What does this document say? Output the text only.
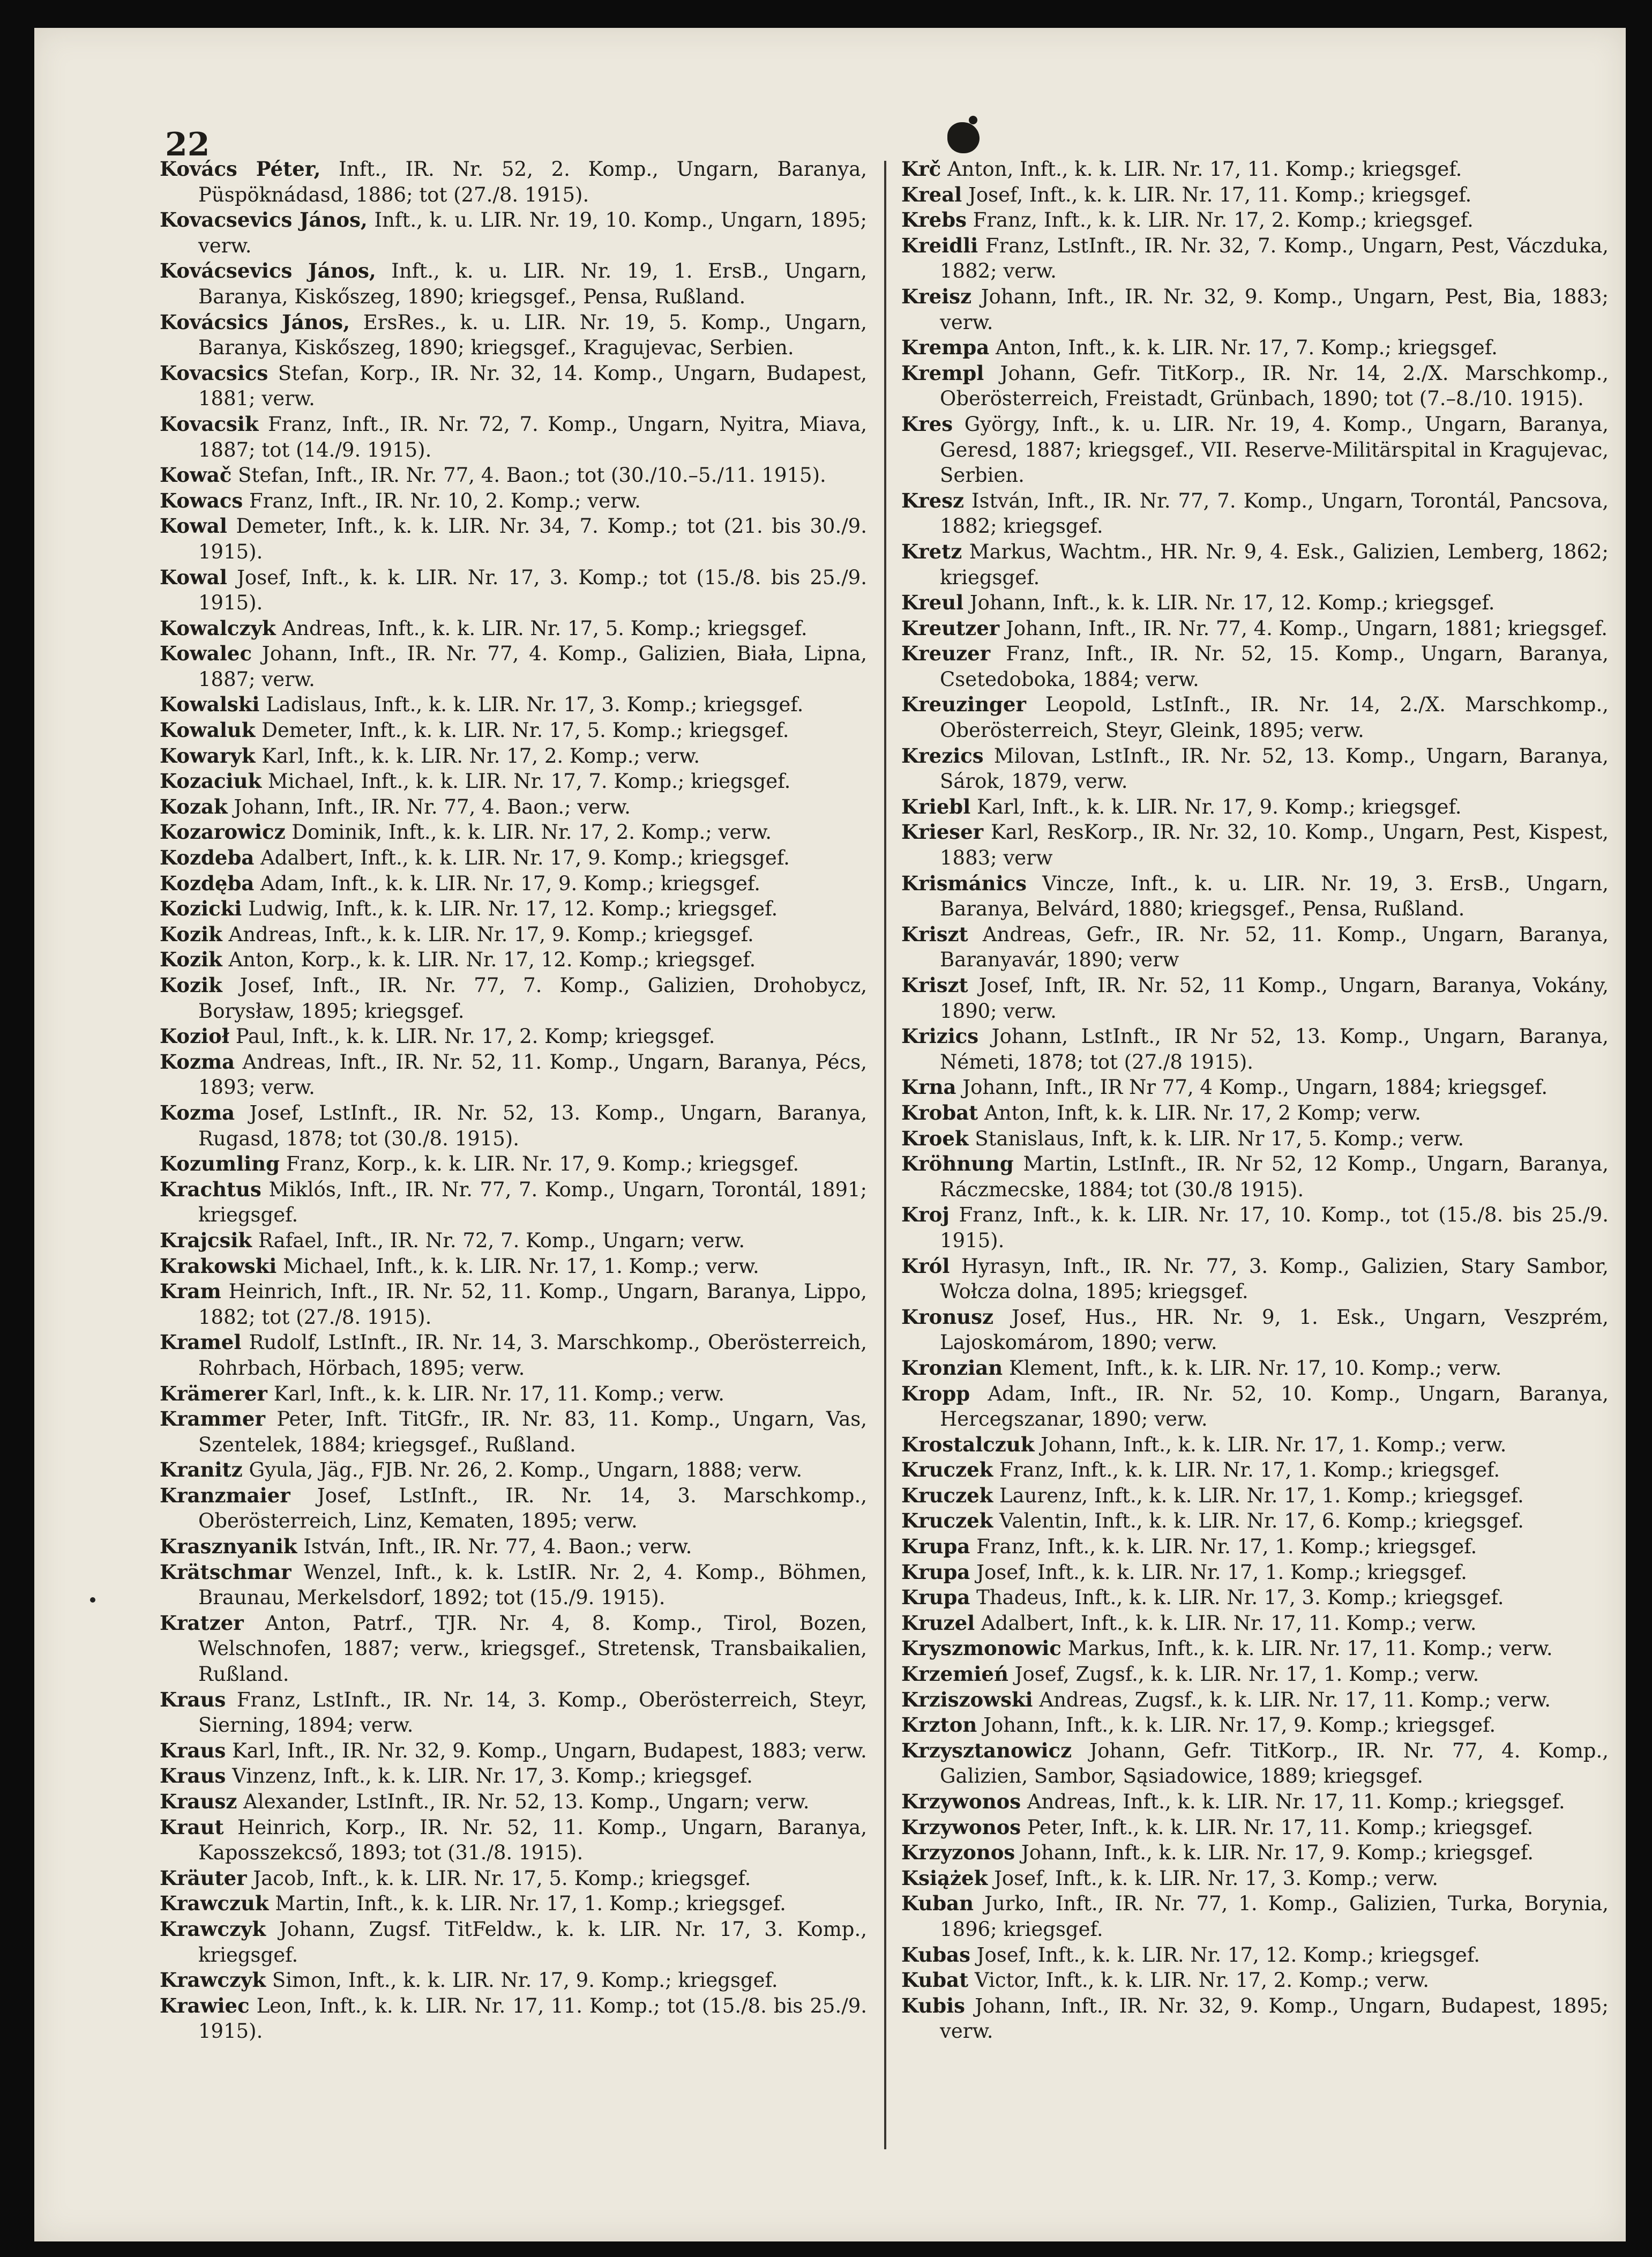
22

Kovács Péter, Inft., IR. Nr. 52, 2. Komp., Ungarn, Baranya, Püspöknádasd, 1886; tot (27./8. 1915).

Kovacsevics János, Inft., k. u. LIR. Nr. 19, 10. Komp., Ungarn, 1895; verw.

Kovácsevics János, Inft., k. u. LIR. Nr. 19, 1. ErsB., Ungarn, Baranya, Kiskőszeg, 1890; kriegsgef., Pensa, Rußland.

Kovácsics János, ErsRes., k. u. LIR. Nr. 19, 5. Komp., Ungarn, Baranya, Kiskőszeg, 1890; kriegsgef., Kragujevac, Serbien.

Kovacsics Stefan, Korp., IR. Nr. 32, 14. Komp., Ungarn, Budapest, 1881; verw.

Kovacsik Franz, Inft., IR. Nr. 72, 7. Komp., Ungarn, Nyitra, Miava, 1887; tot (14./9. 1915).

Kowač Stefan, Inft., IR. Nr. 77, 4. Baon.; tot (30./10.–5./11. 1915).

Kowacs Franz, Inft., IR. Nr. 10, 2. Komp.; verw.

Kowal Demeter, Inft., k. k. LIR. Nr. 34, 7. Komp.; tot (21. bis 30./9. 1915).

Kowal Josef, Inft., k. k. LIR. Nr. 17, 3. Komp.; tot (15./8. bis 25./9. 1915).

Kowalczyk Andreas, Inft., k. k. LIR. Nr. 17, 5. Komp.; kriegsgef.

Kowalec Johann, Inft., IR. Nr. 77, 4. Komp., Galizien, Biała, Lipna, 1887; verw.

Kowalski Ladislaus, Inft., k. k. LIR. Nr. 17, 3. Komp.; kriegsgef.

Kowaluk Demeter, Inft., k. k. LIR. Nr. 17, 5. Komp.; kriegsgef.

Kowaryk Karl, Inft., k. k. LIR. Nr. 17, 2. Komp.; verw.

Kozaciuk Michael, Inft., k. k. LIR. Nr. 17, 7. Komp.; kriegsgef.

Kozak Johann, Inft., IR. Nr. 77, 4. Baon.; verw.

Kozarowicz Dominik, Inft., k. k. LIR. Nr. 17, 2. Komp.; verw.

Kozdeba Adalbert, Inft., k. k. LIR. Nr. 17, 9. Komp.; kriegsgef.

Kozdęba Adam, Inft., k. k. LIR. Nr. 17, 9. Komp.; kriegsgef.

Kozicki Ludwig, Inft., k. k. LIR. Nr. 17, 12. Komp.; kriegsgef.

Kozik Andreas, Inft., k. k. LIR. Nr. 17, 9. Komp.; kriegsgef.

Kozik Anton, Korp., k. k. LIR. Nr. 17, 12. Komp.; kriegsgef.

Kozik Josef, Inft., IR. Nr. 77, 7. Komp., Galizien, Drohobycz, Borysław, 1895; kriegsgef.

Kozioł Paul, Inft., k. k. LIR. Nr. 17, 2. Komp; kriegsgef.

Kozma Andreas, Inft., IR. Nr. 52, 11. Komp., Ungarn, Baranya, Pécs, 1893; verw.

Kozma Josef, LstInft., IR. Nr. 52, 13. Komp., Ungarn, Baranya, Rugasd, 1878; tot (30./8. 1915).

Kozumling Franz, Korp., k. k. LIR. Nr. 17, 9. Komp.; kriegsgef.

Krachtus Miklós, Inft., IR. Nr. 77, 7. Komp., Ungarn, Torontál, 1891; kriegsgef.

Krajcsik Rafael, Inft., IR. Nr. 72, 7. Komp., Ungarn; verw.

Krakowski Michael, Inft., k. k. LIR. Nr. 17, 1. Komp.; verw.

Kram Heinrich, Inft., IR. Nr. 52, 11. Komp., Ungarn, Baranya, Lippo, 1882; tot (27./8. 1915).

Kramel Rudolf, LstInft., IR. Nr. 14, 3. Marschkomp., Oberösterreich, Rohrbach, Hörbach, 1895; verw.

Krämerer Karl, Inft., k. k. LIR. Nr. 17, 11. Komp.; verw.

Krammer Peter, Inft. TitGfr., IR. Nr. 83, 11. Komp., Ungarn, Vas, Szentelek, 1884; kriegsgef., Rußland.

Kranitz Gyula, Jäg., FJB. Nr. 26, 2. Komp., Ungarn, 1888; verw.

Kranzmaier Josef, LstInft., IR. Nr. 14, 3. Marschkomp., Oberösterreich, Linz, Kematen, 1895; verw.

Krasznyanik István, Inft., IR. Nr. 77, 4. Baon.; verw.

Krätschmar Wenzel, Inft., k. k. LstIR. Nr. 2, 4. Komp., Böhmen, Braunau, Merkelsdorf, 1892; tot (15./9. 1915).

Kratzer Anton, Patrf., TJR. Nr. 4, 8. Komp., Tirol, Bozen, Welschnofen, 1887; verw., kriegsgef., Stretensk, Transbaikalien, Rußland.

Kraus Franz, LstInft., IR. Nr. 14, 3. Komp., Oberösterreich, Steyr, Sierning, 1894; verw.

Kraus Karl, Inft., IR. Nr. 32, 9. Komp., Ungarn, Budapest, 1883; verw.

Kraus Vinzenz, Inft., k. k. LIR. Nr. 17, 3. Komp.; kriegsgef.

Krausz Alexander, LstInft., IR. Nr. 52, 13. Komp., Ungarn; verw.

Kraut Heinrich, Korp., IR. Nr. 52, 11. Komp., Ungarn, Baranya, Kaposszekcső, 1893; tot (31./8. 1915).

Kräuter Jacob, Inft., k. k. LIR. Nr. 17, 5. Komp.; kriegsgef.

Krawczuk Martin, Inft., k. k. LIR. Nr. 17, 1. Komp.; kriegsgef.

Krawczyk Johann, Zugsf. TitFeldw., k. k. LIR. Nr. 17, 3. Komp., kriegsgef.

Krawczyk Simon, Inft., k. k. LIR. Nr. 17, 9. Komp.; kriegsgef.

Krawiec Leon, Inft., k. k. LIR. Nr. 17, 11. Komp.; tot (15./8. bis 25./9. 1915).

Krč Anton, Inft., k. k. LIR. Nr. 17, 11. Komp.; kriegsgef.

Kreal Josef, Inft., k. k. LIR. Nr. 17, 11. Komp.; kriegsgef.

Krebs Franz, Inft., k. k. LIR. Nr. 17, 2. Komp.; kriegsgef.

Kreidli Franz, LstInft., IR. Nr. 32, 7. Komp., Ungarn, Pest, Váczduka, 1882; verw.

Kreisz Johann, Inft., IR. Nr. 32, 9. Komp., Ungarn, Pest, Bia, 1883; verw.

Krempa Anton, Inft., k. k. LIR. Nr. 17, 7. Komp.; kriegsgef.

Krempl Johann, Gefr. TitKorp., IR. Nr. 14, 2./X. Marschkomp., Oberösterreich, Freistadt, Grünbach, 1890; tot (7.–8./10. 1915).

Kres György, Inft., k. u. LIR. Nr. 19, 4. Komp., Ungarn, Baranya, Geresd, 1887; kriegsgef., VII. Reserve-Militärspital in Kragujevac, Serbien.

Kresz István, Inft., IR. Nr. 77, 7. Komp., Ungarn, Torontál, Pancsova, 1882; kriegsgef.

Kretz Markus, Wachtm., HR. Nr. 9, 4. Esk., Galizien, Lemberg, 1862; kriegsgef.

Kreul Johann, Inft., k. k. LIR. Nr. 17, 12. Komp.; kriegsgef.

Kreutzer Johann, Inft., IR. Nr. 77, 4. Komp., Ungarn, 1881; kriegsgef.

Kreuzer Franz, Inft., IR. Nr. 52, 15. Komp., Ungarn, Baranya, Csetedoboka, 1884; verw.

Kreuzinger Leopold, LstInft., IR. Nr. 14, 2./X. Marschkomp., Oberösterreich, Steyr, Gleink, 1895; verw.

Krezics Milovan, LstInft., IR. Nr. 52, 13. Komp., Ungarn, Baranya, Sárok, 1879, verw.

Kriebl Karl, Inft., k. k. LIR. Nr. 17, 9. Komp.; kriegsgef.

Krieser Karl, ResKorp., IR. Nr. 32, 10. Komp., Ungarn, Pest, Kispest, 1883; verw

Krismánics Vincze, Inft., k. u. LIR. Nr. 19, 3. ErsB., Ungarn, Baranya, Belvárd, 1880; kriegsgef., Pensa, Rußland.

Kriszt Andreas, Gefr., IR. Nr. 52, 11. Komp., Ungarn, Baranya, Baranyavár, 1890; verw

Kriszt Josef, Inft, IR. Nr. 52, 11 Komp., Ungarn, Baranya, Vokány, 1890; verw.

Krizics Johann, LstInft., IR Nr 52, 13. Komp., Ungarn, Baranya, Németi, 1878; tot (27./8 1915).

Krna Johann, Inft., IR Nr 77, 4 Komp., Ungarn, 1884; kriegsgef.

Krobat Anton, Inft, k. k. LIR. Nr. 17, 2 Komp; verw.

Kroek Stanislaus, Inft, k. k. LIR. Nr 17, 5. Komp.; verw.

Kröhnung Martin, LstInft., IR. Nr 52, 12 Komp., Ungarn, Baranya, Ráczmecske, 1884; tot (30./8 1915).

Kroj Franz, Inft., k. k. LIR. Nr. 17, 10. Komp., tot (15./8. bis 25./9. 1915).

Król Hyrasyn, Inft., IR. Nr. 77, 3. Komp., Galizien, Stary Sambor, Wołcza dolna, 1895; kriegsgef.

Kronusz Josef, Hus., HR. Nr. 9, 1. Esk., Ungarn, Veszprém, Lajoskomárom, 1890; verw.

Kronzian Klement, Inft., k. k. LIR. Nr. 17, 10. Komp.; verw.

Kropp Adam, Inft., IR. Nr. 52, 10. Komp., Ungarn, Baranya, Hercegszanar, 1890; verw.

Krostalczuk Johann, Inft., k. k. LIR. Nr. 17, 1. Komp.; verw.

Kruczek Franz, Inft., k. k. LIR. Nr. 17, 1. Komp.; kriegsgef.

Kruczek Laurenz, Inft., k. k. LIR. Nr. 17, 1. Komp.; kriegsgef.

Kruczek Valentin, Inft., k. k. LIR. Nr. 17, 6. Komp.; kriegsgef.

Krupa Franz, Inft., k. k. LIR. Nr. 17, 1. Komp.; kriegsgef.

Krupa Josef, Inft., k. k. LIR. Nr. 17, 1. Komp.; kriegsgef.

Krupa Thadeus, Inft., k. k. LIR. Nr. 17, 3. Komp.; kriegsgef.

Kruzel Adalbert, Inft., k. k. LIR. Nr. 17, 11. Komp.; verw.

Kryszmonowic Markus, Inft., k. k. LIR. Nr. 17, 11. Komp.; verw.

Krzemień Josef, Zugsf., k. k. LIR. Nr. 17, 1. Komp.; verw.

Krziszowski Andreas, Zugsf., k. k. LIR. Nr. 17, 11. Komp.; verw.

Krzton Johann, Inft., k. k. LIR. Nr. 17, 9. Komp.; kriegsgef.

Krzysztanowicz Johann, Gefr. TitKorp., IR. Nr. 77, 4. Komp., Galizien, Sambor, Sąsiadowice, 1889; kriegsgef.

Krzywonos Andreas, Inft., k. k. LIR. Nr. 17, 11. Komp.; kriegsgef.

Krzywonos Peter, Inft., k. k. LIR. Nr. 17, 11. Komp.; kriegsgef.

Krzyzonos Johann, Inft., k. k. LIR. Nr. 17, 9. Komp.; kriegsgef.

Książek Josef, Inft., k. k. LIR. Nr. 17, 3. Komp.; verw.

Kuban Jurko, Inft., IR. Nr. 77, 1. Komp., Galizien, Turka, Borynia, 1896; kriegsgef.

Kubas Josef, Inft., k. k. LIR. Nr. 17, 12. Komp.; kriegsgef.

Kubat Victor, Inft., k. k. LIR. Nr. 17, 2. Komp.; verw.

Kubis Johann, Inft., IR. Nr. 32, 9. Komp., Ungarn, Budapest, 1895; verw.
